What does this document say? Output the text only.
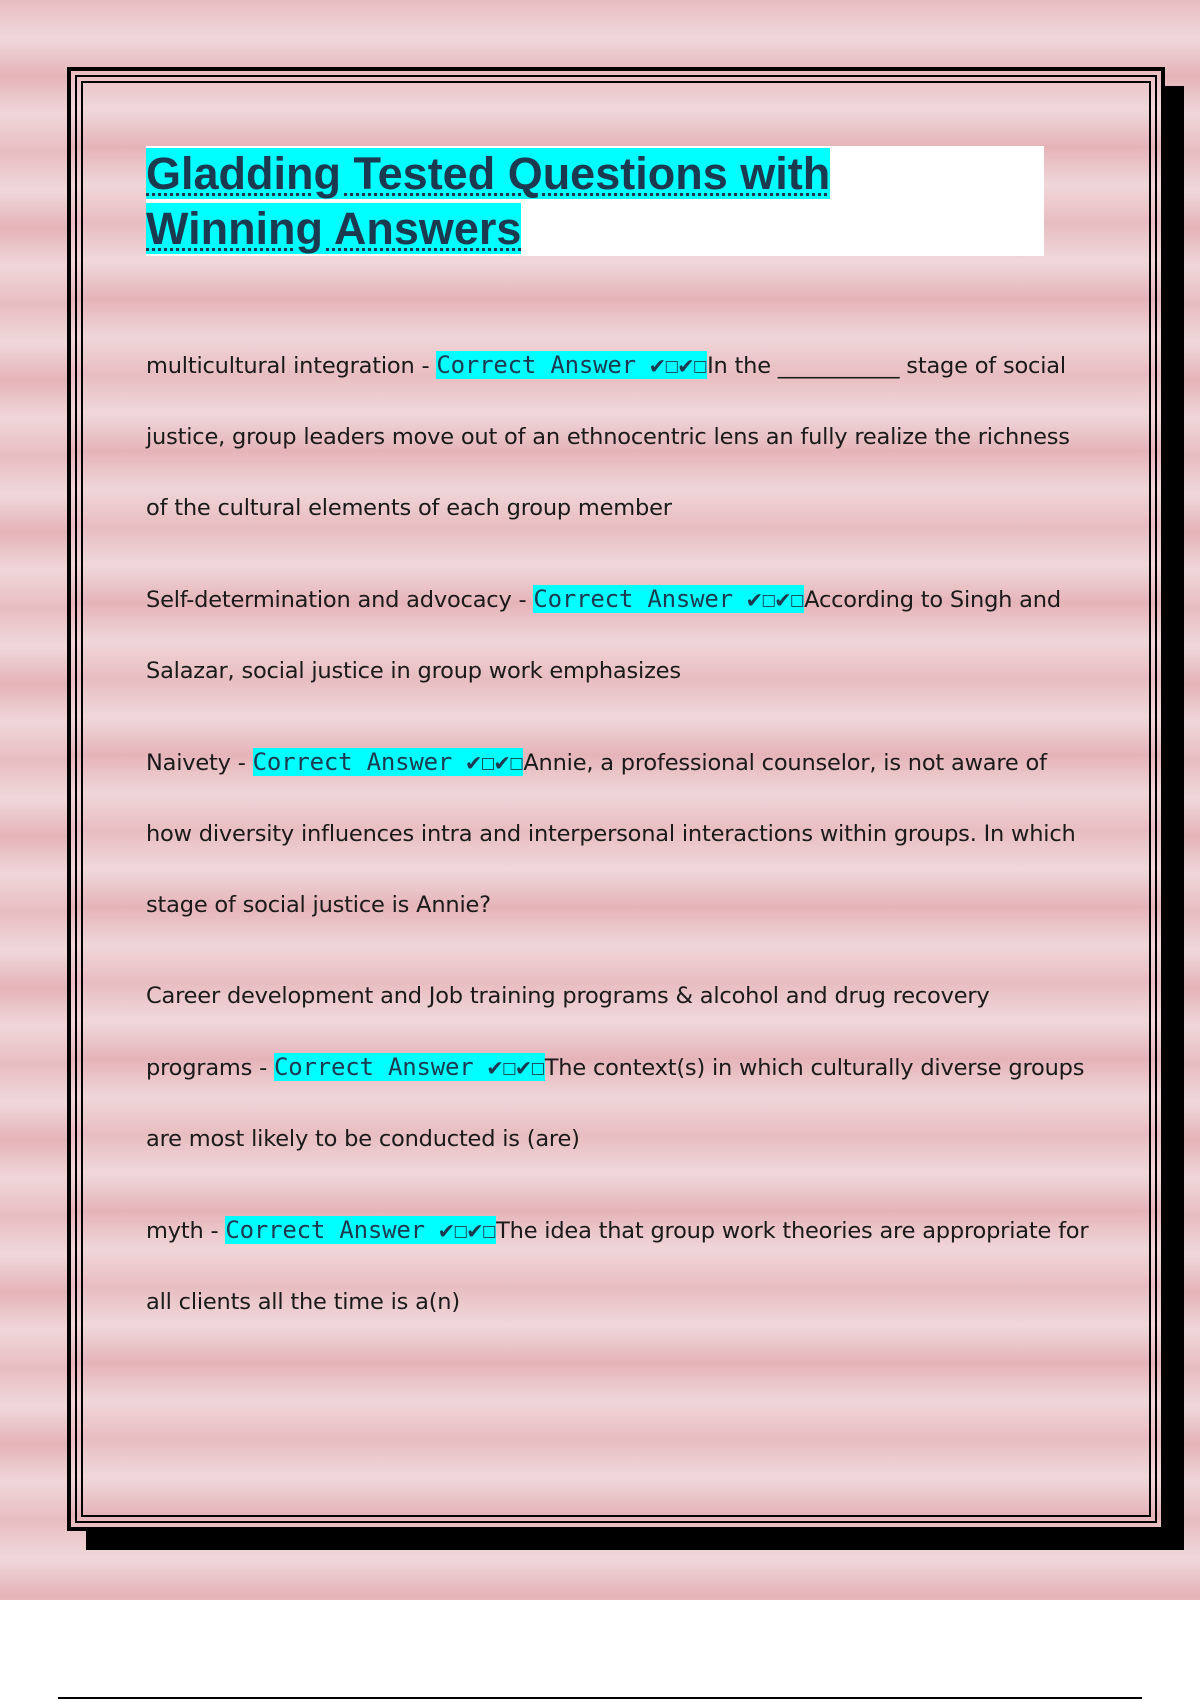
Gladding Tested Questions with Winning Answers

multicultural integration - Correct Answer ✔☐✔☐In the ___________ stage of social justice, group leaders move out of an ethnocentric lens an fully realize the richness of the cultural elements of each group member

Self-determination and advocacy - Correct Answer ✔☐✔☐According to Singh and Salazar, social justice in group work emphasizes

Naivety - Correct Answer ✔☐✔☐Annie, a professional counselor, is not aware of how diversity influences intra and interpersonal interactions within groups. In which stage of social justice is Annie?

Career development and Job training programs & alcohol and drug recovery programs - Correct Answer ✔☐✔☐The context(s) in which culturally diverse groups are most likely to be conducted is (are)

myth - Correct Answer ✔☐✔☐The idea that group work theories are appropriate for all clients all the time is a(n)
